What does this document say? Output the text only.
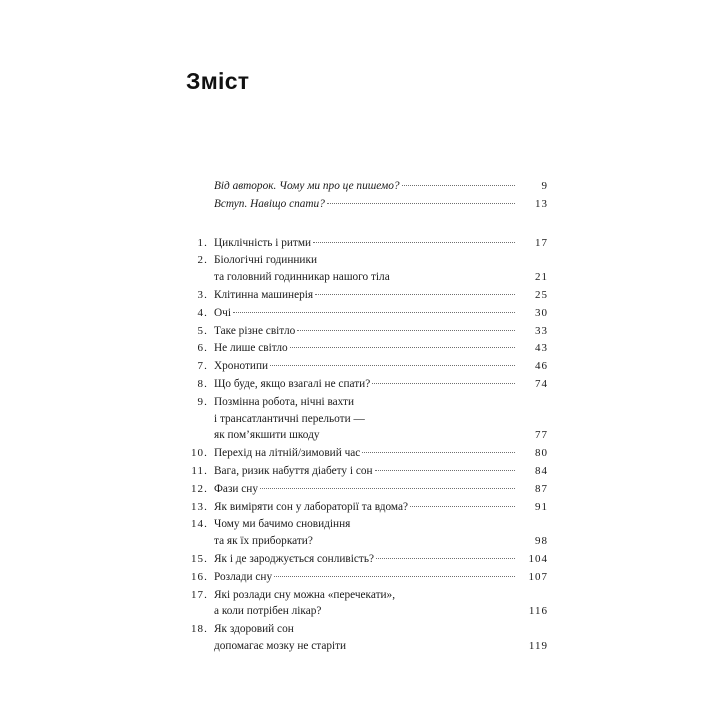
Зміст
Від авторок. Чому ми про це пишемо?	9
Вступ. Навіщо спати?	13
1. Циклічність і ритми	17
2. Біологічні годинники
та головний годинникар нашого тіла	21
3. Клітинна машинерія	25
4. Очі	30
5. Таке різне світло	33
6. Не лише світло	43
7. Хронотипи	46
8. Що буде, якщо взагалі не спати?	74
9. Позмінна робота, нічні вахти
і трансатлантичні перельоти —
як пом’якшити шкоду	77
10. Перехід на літній/зимовий час	80
11. Вага, ризик набуття діабету і сон	84
12. Фази сну	87
13. Як виміряти сон у лабораторії та вдома?	91
14. Чому ми бачимо сновидіння
та як їх приборкати?	98
15. Як і де зароджується сонливість?	104
16. Розлади сну	107
17. Які розлади сну можна «перечекати»,
а коли потрібен лікар?	116
18. Як здоровий сон
допомагає мозку не старіти	119
